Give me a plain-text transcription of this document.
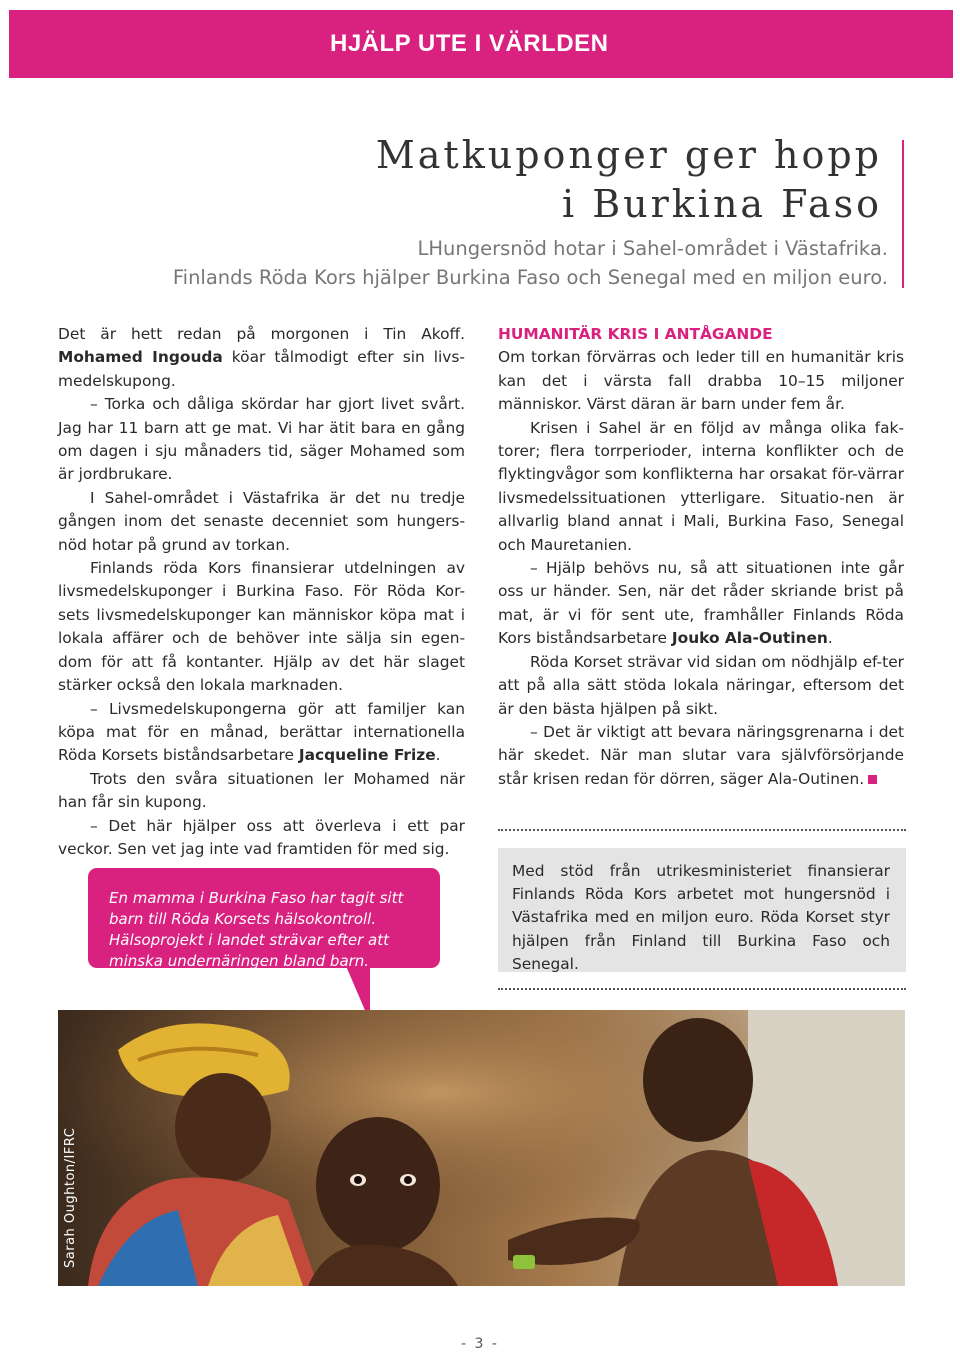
HJÄLP UTE I VÄRLDEN
Matkuponger ger hopp
i Burkina Faso
LHungersnöd hotar i Sahel-området i Västafrika.
Finlands Röda Kors hjälper Burkina Faso och Senegal med en miljon euro.

Det är hett redan på morgonen i Tin Akoff. Mohamed Ingouda köar tålmodigt efter sin livs-medelskupong.

– Torka och dåliga skördar har gjort livet svårt. Jag har 11 barn att ge mat. Vi har ätit bara en gång om dagen i sju månaders tid, säger Mohamed som är jordbrukare.

I Sahel-området i Västafrika är det nu tredje gången inom det senaste decenniet som hungers-nöd hotar på grund av torkan.

Finlands röda Kors finansierar utdelningen av livsmedelskuponger i Burkina Faso. För Röda Kor-sets livsmedelskuponger kan människor köpa mat i lokala affärer och de behöver inte sälja sin egen-dom för att få kontanter. Hjälp av det här slaget stärker också den lokala marknaden.

– Livsmedelskupongerna gör att familjer kan köpa mat för en månad, berättar internationella Röda Korsets biståndsarbetare Jacqueline Frize.

Trots den svåra situationen ler Mohamed när han får sin kupong.

– Det här hjälper oss att överleva i ett par veckor. Sen vet jag inte vad framtiden för med sig.

HUMANITÄR KRIS I ANTÅGANDE

Om torkan förvärras och leder till en humanitär kris kan det i värsta fall drabba 10–15 miljoner människor. Värst däran är barn under fem år.

Krisen i Sahel är en följd av många olika fak-torer; flera torrperioder, interna konflikter och de flyktingvågor som konflikterna har orsakat för-värrar livsmedelssituationen ytterligare. Situatio-nen är allvarlig bland annat i Mali, Burkina Faso, Senegal och Mauretanien.

– Hjälp behövs nu, så att situationen inte går oss ur händer. Sen, när det råder skriande brist på mat, är vi för sent ute, framhåller Finlands Röda Kors biståndsarbetare Jouko Ala-Outinen.

Röda Korset strävar vid sidan om nödhjälp ef-ter att på alla sätt stöda lokala näringar, eftersom det är den bästa hjälpen på sikt.

– Det är viktigt att bevara näringsgrenarna i det här skedet. När man slutar vara självförsörjande står krisen redan för dörren, säger Ala-Outinen.

Med stöd från utrikesministeriet finansierar Finlands Röda Kors arbetet mot hungersnöd i Västafrika med en miljon euro. Röda Korset styr hjälpen från Finland till Burkina Faso och Senegal.
En mamma i Burkina Faso har tagit sitt barn till Röda Korsets hälsokontroll. Hälsoprojekt i landet strävar efter att minska undernäringen bland barn.
Sarah Oughton/IFRC
- 3 -
